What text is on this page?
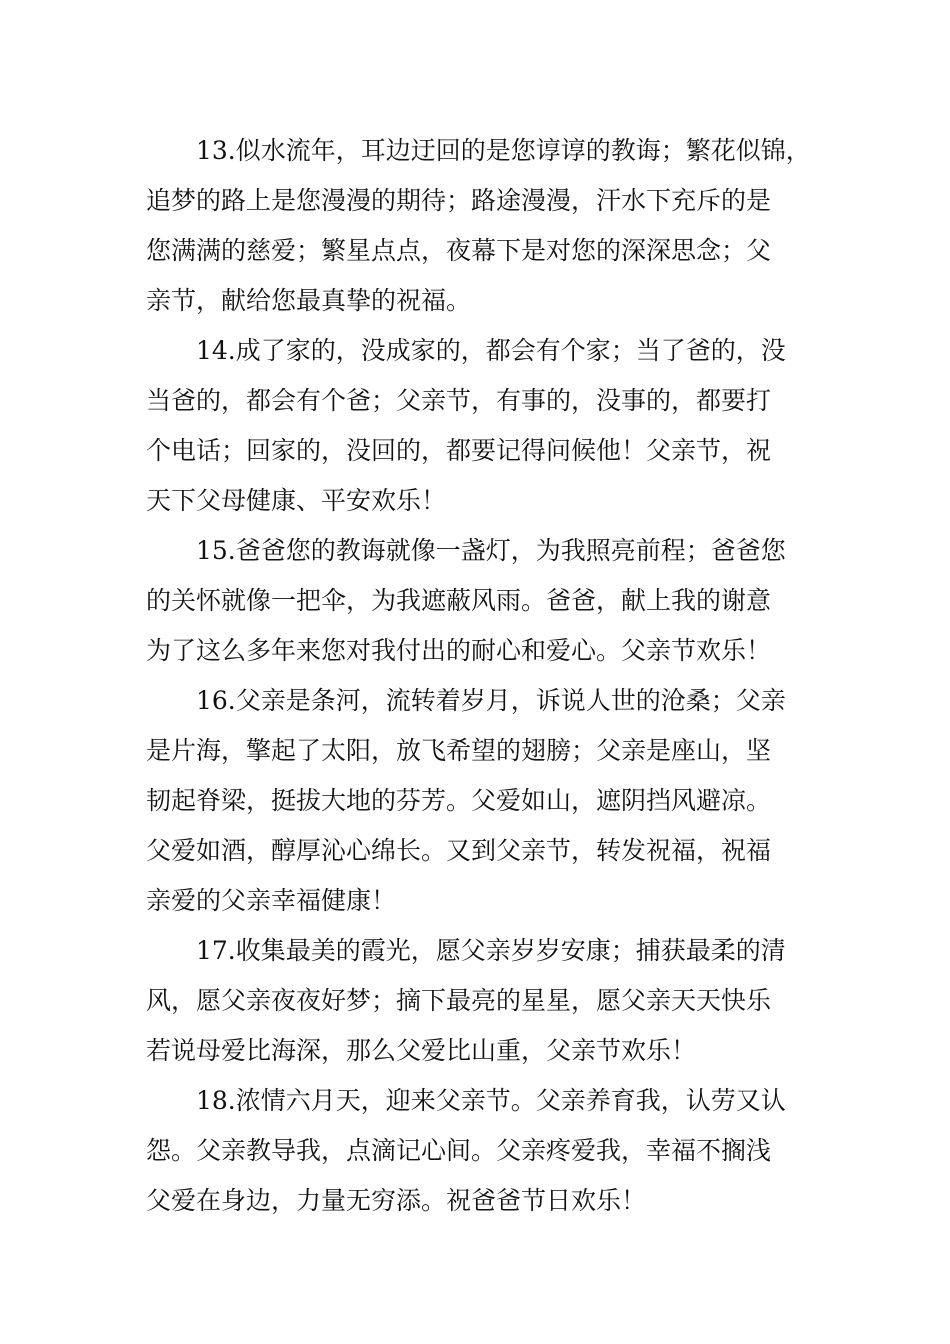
13.似水流年，耳边迂回的是您谆谆的教诲；繁花似锦，
追梦的路上是您漫漫的期待；路途漫漫，汗水下充斥的是
您满满的慈爱；繁星点点，夜幕下是对您的深深思念；父
亲节，献给您最真挚的祝福。
14.成了家的，没成家的，都会有个家；当了爸的，没
当爸的，都会有个爸；父亲节，有事的，没事的，都要打
个电话；回家的，没回的，都要记得问候他！父亲节，祝
天下父母健康、平安欢乐！
15.爸爸您的教诲就像一盏灯，为我照亮前程；爸爸您
的关怀就像一把伞，为我遮蔽风雨。爸爸，献上我的谢意
为了这么多年来您对我付出的耐心和爱心。父亲节欢乐！
16.父亲是条河，流转着岁月，诉说人世的沧桑；父亲
是片海，擎起了太阳，放飞希望的翅膀；父亲是座山，坚
韧起脊梁，挺拔大地的芬芳。父爱如山，遮阴挡风避凉。
父爱如酒，醇厚沁心绵长。又到父亲节，转发祝福，祝福
亲爱的父亲幸福健康！
17.收集最美的霞光，愿父亲岁岁安康；捕获最柔的清
风，愿父亲夜夜好梦；摘下最亮的星星，愿父亲天天快乐
若说母爱比海深，那么父爱比山重，父亲节欢乐！
18.浓情六月天，迎来父亲节。父亲养育我，认劳又认
怨。父亲教导我，点滴记心间。父亲疼爱我，幸福不搁浅
父爱在身边，力量无穷添。祝爸爸节日欢乐！
